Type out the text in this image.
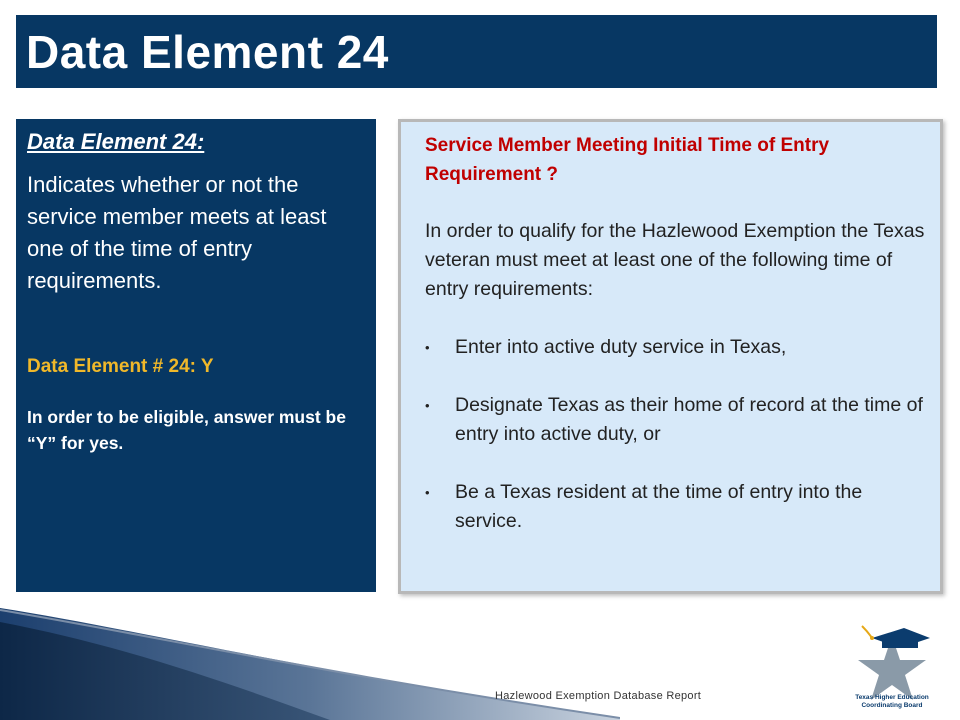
Data Element 24
Data Element 24:
Indicates whether or not the service member meets at least one of the time of entry requirements.
Data Element # 24: Y
In order to be eligible, answer must be “Y” for yes.
Service Member Meeting Initial Time of Entry Requirement ?
In order to qualify for the Hazlewood Exemption the Texas veteran must meet at least one of the following time of entry requirements:
• Enter into active duty service in Texas,
• Designate Texas as their home of record at the time of entry into active duty, or
• Be a Texas resident at the time of entry into the service.
Hazlewood Exemption Database Report	Texas Higher Education Coordinating Board
